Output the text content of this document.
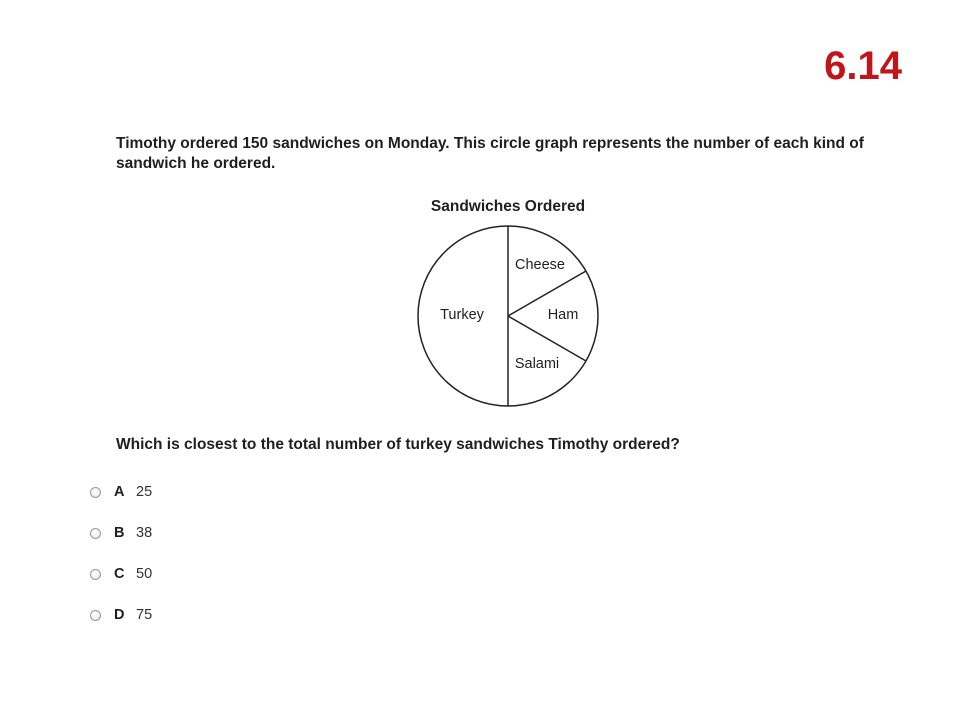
6.14
Timothy ordered 150 sandwiches on Monday. This circle graph represents the number of each kind of sandwich he ordered.
Sandwiches Ordered
Turkey
Cheese
Ham
Salami
Which is closest to the total number of turkey sandwiches Timothy ordered?
A 25
B 38
C 50
D 75
